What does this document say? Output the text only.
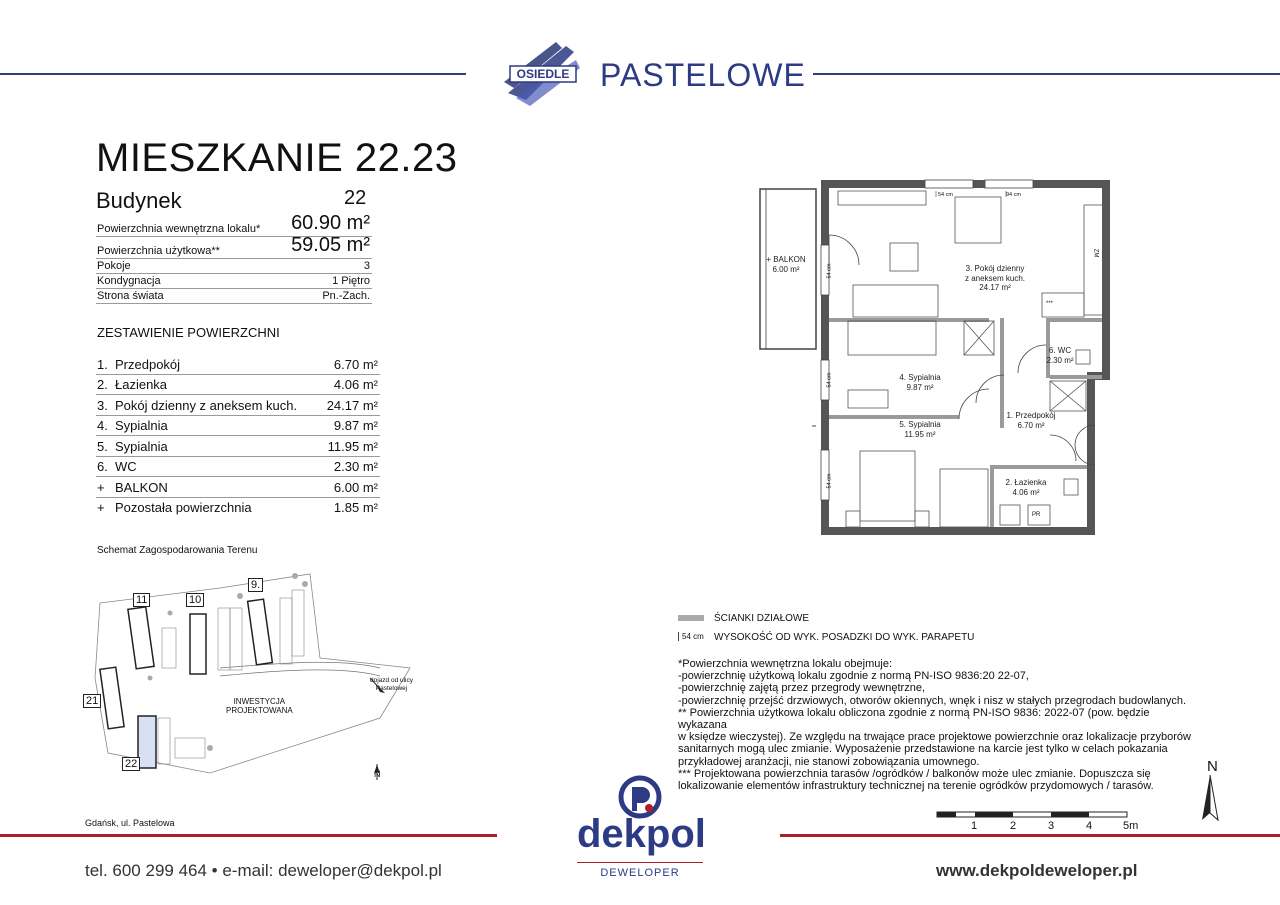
OSIEDLE PASTELOWE
MIESZKANIE 22.23
Budynek	22
Powierzchnia wewnętrzna lokalu* 60.90 m²
Powierzchnia użytkowa**	59.05 m²
Pokoje	3
Kondygnacja	1 Piętro
Strona świata	Pn.-Zach.
ZESTAWIENIE POWIERZCHNI
1. Przedpokój	6.70 m²
2. Łazienka	4.06 m²
3. Pokój dzienny z aneksem kuch. 24.17 m²
4. Sypialnia	9.87 m²
5. Sypialnia	11.95 m²
6. WC	2.30 m²
+ BALKON	6.00 m²
+ Pozostała powierzchnia	1.85 m²
Schemat Zagospodarowania Terenu
9.
10
11
21
22
INWESTYCJA
PROJEKTOWANA
dojazd od ulicy
Pastelowej
N
Gdańsk, ul. Pastelowa
+ BALKON
6.00 m²	3. Pokój dzienny
z aneksem kuch.
24.17 m²
4. Sypialnia
9.87 m²
5. Sypialnia
11.95 m²
6. WC
2.30 m²
1. Przedpokój
6.70 m²
2. Łazienka
4.06 m²
54 cm	94 cm
54 cm
54 cm
54 cm
ZM
PR
***
ŚCIANKI DZIAŁOWE
54 cm WYSOKOŚĆ OD WYK. POSADZKI DO WYK. PARAPETU
*Powierzchnia wewnętrzna lokalu obejmuje:
-powierzchnię użytkową lokalu zgodnie z normą PN-ISO 9836:20 22-07,
-powierzchnię zajętą przez przegrody wewnętrzne,
-powierzchnię przejść drzwiowych, otworów okiennych, wnęk i nisz w stałych przegrodach budowlanych.
** Powierzchnia użytkowa lokalu obliczona zgodnie z normą PN-ISO 9836: 2022-07 (pow. będzie wykazana
w księdze wieczystej). Ze względu na trwające prace projektowe powierzchnie oraz lokalizacje przyborów
sanitarnych mogą ulec zmianie. Wyposażenie przedstawione na karcie jest tylko w celach pokazania
przykładowej aranżacji, nie stanowi zobowiązania umownego.
*** Projektowana powierzchnia tarasów /ogródków / balkonów może ulec zmianie. Dopuszcza się
lokalizowanie elementów infrastruktury technicznej na terenie ogródków przydomowych / tarasów.
N
1	2	3	4	5m
dekpol
DEWELOPER
tel. 600 299 464 • e-mail: deweloper@dekpol.pl	www.dekpoldeweloper.pl
